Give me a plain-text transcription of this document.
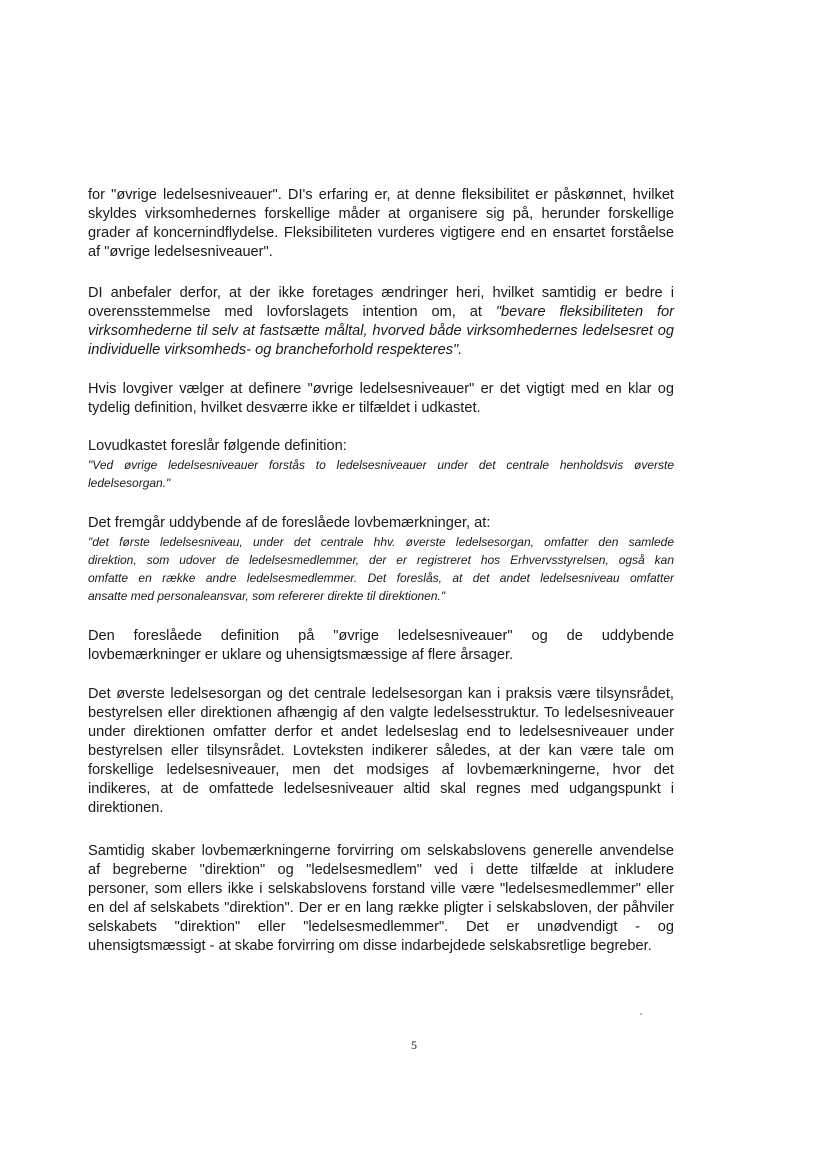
for "øvrige ledelsesniveauer". DI's erfaring er, at denne fleksibilitet er påskønnet, hvilket
skyldes virksomhedernes forskellige måder at organisere sig på, herunder forskellige
grader af koncernindflydelse. Fleksibiliteten vurderes vigtigere end en ensartet forståelse
af "øvrige ledelsesniveauer".
DI anbefaler derfor, at der ikke foretages ændringer heri, hvilket samtidig er bedre i
overensstemmelse med lovforslagets intention om, at "bevare fleksibiliteten for
virksomhederne til selv at fastsætte måltal, hvorved både virksomhedernes ledelsesret og
individuelle virksomheds- og brancheforhold respekteres".
Hvis lovgiver vælger at definere "øvrige ledelsesniveauer" er det vigtigt med en klar og
tydelig definition, hvilket desværre ikke er tilfældet i udkastet.
Lovudkastet foreslår følgende definition:
"Ved øvrige ledelsesniveauer forstås to ledelsesniveauer under det centrale henholdsvis øverste
ledelsesorgan."
Det fremgår uddybende af de foreslåede lovbemærkninger, at:
"det første ledelsesniveau, under det centrale hhv. øverste ledelsesorgan, omfatter den samlede
direktion, som udover de ledelsesmedlemmer, der er registreret hos Erhvervsstyrelsen, også kan
omfatte en række andre ledelsesmedlemmer. Det foreslås, at det andet ledelsesniveau omfatter
ansatte med personaleansvar, som refererer direkte til direktionen."
Den foreslåede definition på "øvrige ledelsesniveauer" og de uddybende
lovbemærkninger er uklare og uhensigtsmæssige af flere årsager.
Det øverste ledelsesorgan og det centrale ledelsesorgan kan i praksis være tilsynsrådet,
bestyrelsen eller direktionen afhængig af den valgte ledelsesstruktur. To ledelsesniveauer
under direktionen omfatter derfor et andet ledelseslag end to ledelsesniveauer under
bestyrelsen eller tilsynsrådet. Lovteksten indikerer således, at der kan være tale om
forskellige ledelsesniveauer, men det modsiges af lovbemærkningerne, hvor det
indikeres, at de omfattede ledelsesniveauer altid skal regnes med udgangspunkt i
direktionen.
Samtidig skaber lovbemærkningerne forvirring om selskabslovens generelle anvendelse
af begreberne "direktion" og "ledelsesmedlem" ved i dette tilfælde at inkludere
personer, som ellers ikke i selskabslovens forstand ville være "ledelsesmedlemmer" eller
en del af selskabets "direktion". Der er en lang række pligter i selskabsloven, der påhviler
selskabets "direktion" eller "ledelsesmedlemmer". Det er unødvendigt - og
uhensigtsmæssigt - at skabe forvirring om disse indarbejdede selskabsretlige begreber.
5
